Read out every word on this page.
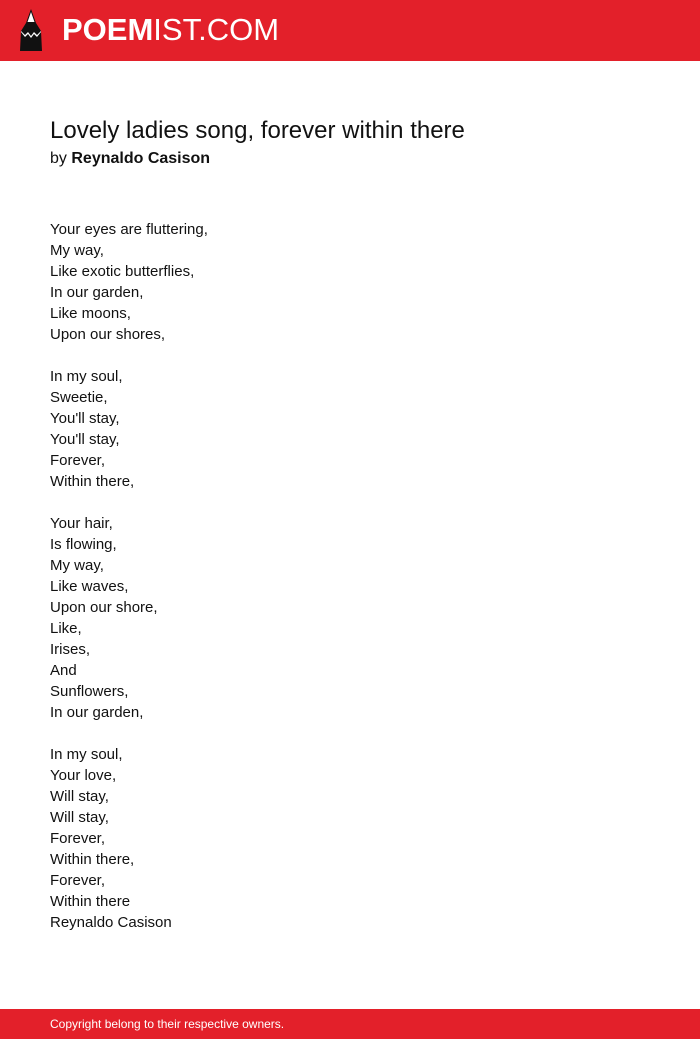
POEMIST.COM
Lovely ladies song, forever within there
by Reynaldo Casison
Your eyes are fluttering,
My way,
Like exotic butterflies,
In our garden,
Like moons,
Upon our shores,
In my soul,
Sweetie,
You'll stay,
You'll stay,
Forever,
Within there,
Your hair,
Is flowing,
My way,
Like waves,
Upon our shore,
Like,
Irises,
And
Sunflowers,
In our garden,
In my soul,
Your love,
Will stay,
Will stay,
Forever,
Within there,
Forever,
Within there
Reynaldo Casison
Copyright belong to their respective owners.
